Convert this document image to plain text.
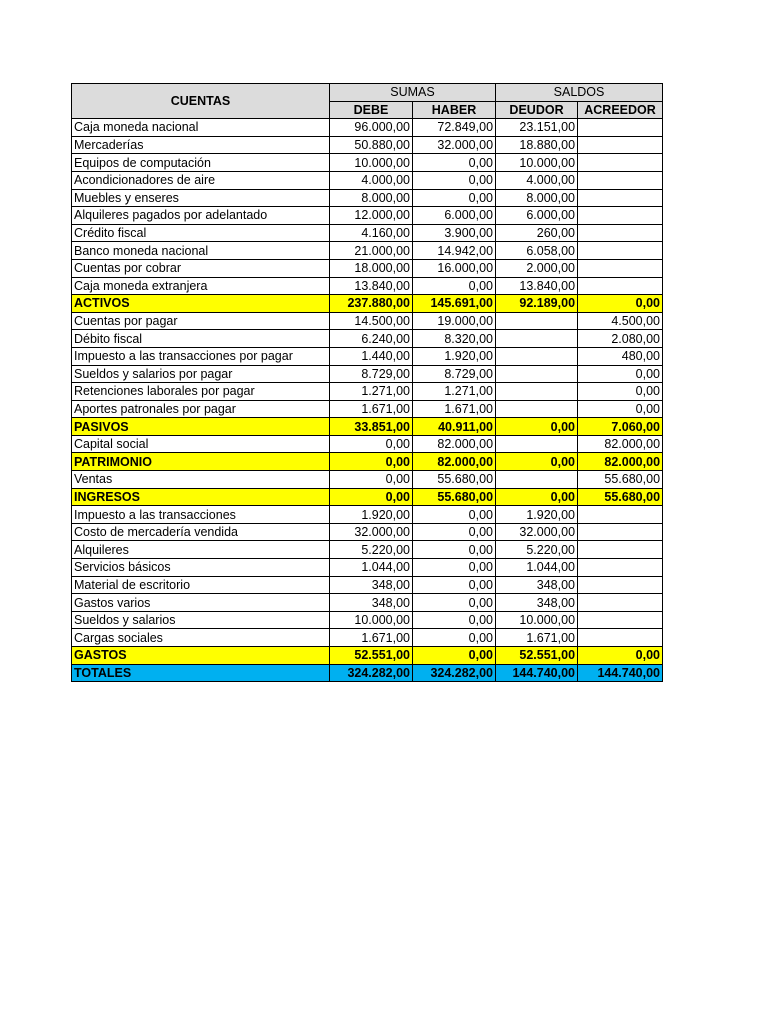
CUENTAS	SUMAS		SALDOS	
	DEBE	HABER	DEUDOR	ACREEDOR
Caja moneda nacional	96.000,00	72.849,00	23.151,00	
Mercaderías	50.880,00	32.000,00	18.880,00	
Equipos de computación	10.000,00	0,00	10.000,00	
Acondicionadores de aire	4.000,00	0,00	4.000,00	
Muebles y enseres	8.000,00	0,00	8.000,00	
Alquileres pagados por adelantado	12.000,00	6.000,00	6.000,00	
Crédito fiscal	4.160,00	3.900,00	260,00	
Banco moneda nacional	21.000,00	14.942,00	6.058,00	
Cuentas por cobrar	18.000,00	16.000,00	2.000,00	
Caja moneda extranjera	13.840,00	0,00	13.840,00	
ACTIVOS	237.880,00	145.691,00	92.189,00	0,00
Cuentas por pagar	14.500,00	19.000,00		4.500,00
Débito fiscal	6.240,00	8.320,00		2.080,00
Impuesto a las transacciones por pagar	1.440,00	1.920,00		480,00
Sueldos y salarios por pagar	8.729,00	8.729,00		0,00
Retenciones laborales por pagar	1.271,00	1.271,00		0,00
Aportes patronales por pagar	1.671,00	1.671,00		0,00
PASIVOS	33.851,00	40.911,00	0,00	7.060,00
Capital social	0,00	82.000,00		82.000,00
PATRIMONIO	0,00	82.000,00	0,00	82.000,00
Ventas	0,00	55.680,00		55.680,00
INGRESOS	0,00	55.680,00	0,00	55.680,00
Impuesto a las transacciones	1.920,00	0,00	1.920,00	
Costo de mercadería vendida	32.000,00	0,00	32.000,00	
Alquileres	5.220,00	0,00	5.220,00	
Servicios básicos	1.044,00	0,00	1.044,00	
Material de escritorio	348,00	0,00	348,00	
Gastos varios	348,00	0,00	348,00	
Sueldos y salarios	10.000,00	0,00	10.000,00	
Cargas sociales	1.671,00	0,00	1.671,00	
GASTOS	52.551,00	0,00	52.551,00	0,00
TOTALES	324.282,00	324.282,00	144.740,00	144.740,00
